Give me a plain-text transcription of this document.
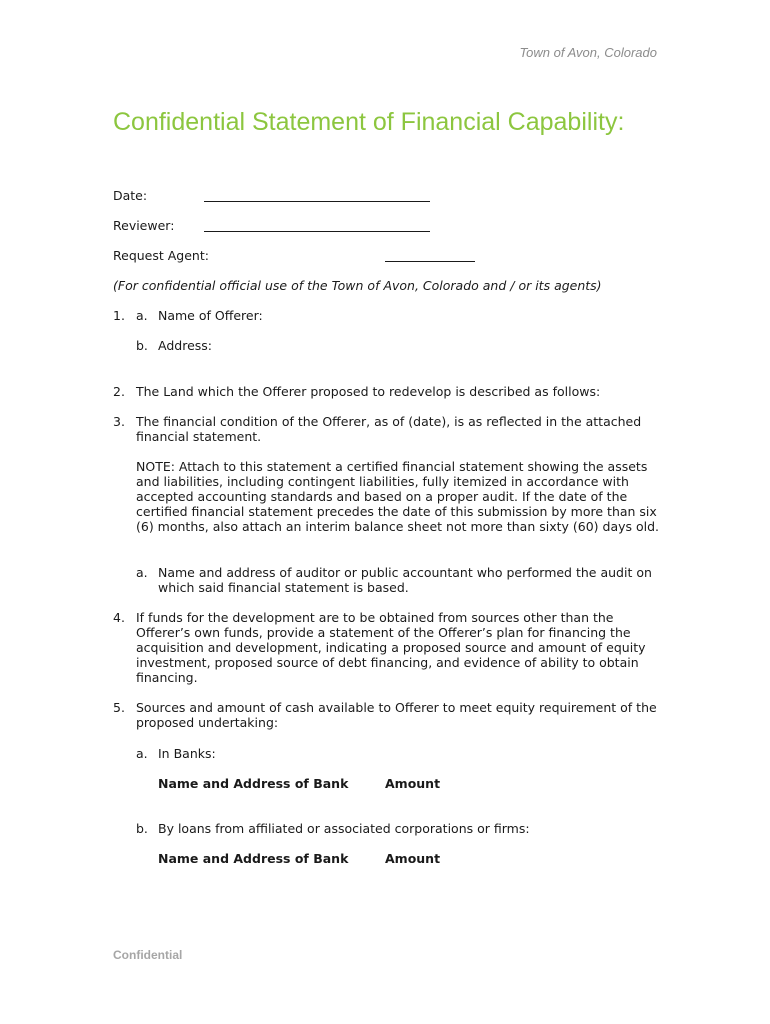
Town of Avon, Colorado
Confidential Statement of Financial Capability:
Date:
Reviewer:
Request Agent:
(For confidential official use of the Town of Avon, Colorado and / or its agents)
1. a. Name of Offerer:
b. Address:
2. The Land which the Offerer proposed to redevelop is described as follows:
3. The financial condition of the Offerer, as of (date), is as reflected in the attached financial statement.
NOTE: Attach to this statement a certified financial statement showing the assets and liabilities, including contingent liabilities, fully itemized in accordance with accepted accounting standards and based on a proper audit. If the date of the certified financial statement precedes the date of this submission by more than six (6) months, also attach an interim balance sheet not more than sixty (60) days old.
a. Name and address of auditor or public accountant who performed the audit on which said financial statement is based.
4. If funds for the development are to be obtained from sources other than the Offerer’s own funds, provide a statement of the Offerer’s plan for financing the acquisition and development, indicating a proposed source and amount of equity investment, proposed source of debt financing, and evidence of ability to obtain financing.
5. Sources and amount of cash available to Offerer to meet equity requirement of the proposed undertaking:
a. In Banks:
Name and Address of Bank	Amount
b. By loans from affiliated or associated corporations or firms:
Name and Address of Bank	Amount
Confidential
